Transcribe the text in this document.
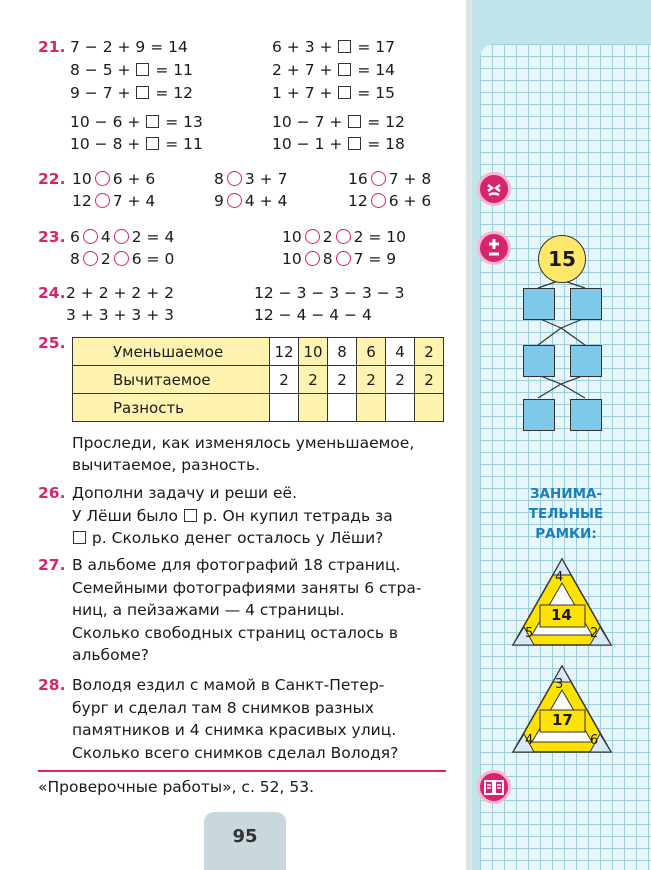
21. 7 − 2 + 9 = 14
8 − 5 +  = 11
9 − 7 +  = 12
10 − 6 +  = 13
10 − 8 +  = 11
6 + 3 +  = 17
2 + 7 +  = 14
1 + 7 +  = 15
10 − 7 +  = 12
10 − 1 +  = 18
22. 10 6 + 6	8 3 + 7	16 7 + 8
12 7 + 4	9 4 + 4	12 6 + 6
23. 6 4 2 = 4	10 2 2 = 10
8 2 6 = 0	10 8 7 = 9
24. 2 + 2 + 2 + 2
3 + 3 + 3 + 3
12 − 3 − 3 − 3 − 3
12 − 4 − 4 − 4
25.	Уменьшаемое	12	10	8	6	4	2
Вычитаемое	2	2	2	2	2	2
Разность						
Проследи, как изменялось уменьшаемое,
вычитаемое, разность.
26. Дополни задачу и реши её.
У Лёши было  р. Он купил тетрадь за
р. Сколько денег осталось у Лёши?
27. В альбоме для фотографий 18 страниц.
Семейными фотографиями заняты 6 стра-
ниц, а пейзажами — 4 страницы.
Сколько свободных страниц осталось в
альбоме?
28. Володя ездил с мамой в Санкт-Петер-
бург и сделал там 8 снимков разных
памятников и 4 снимка красивых улиц.
Сколько всего снимков сделал Володя?
«Проверочные работы», с. 52, 53.
95
15
ЗАНИМА-
ТЕЛЬНЫЕ
РАМКИ:
4
14
5	2
3
17
4	6
